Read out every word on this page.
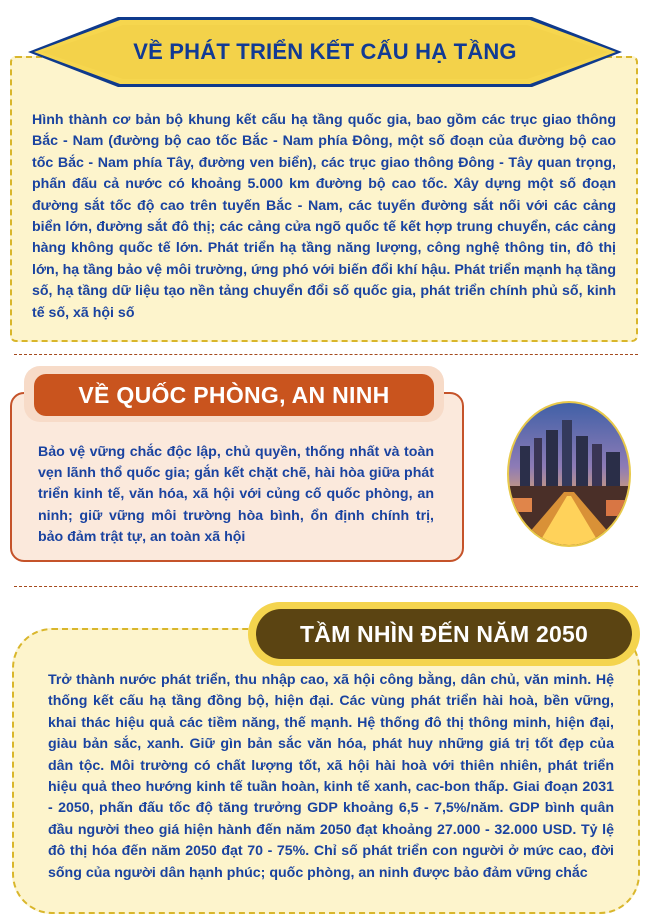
VỀ PHÁT TRIỂN KẾT CẤU HẠ TẦNG
Hình thành cơ bản bộ khung kết cấu hạ tầng quốc gia, bao gồm các trục giao thông Bắc - Nam (đường bộ cao tốc Bắc - Nam phía Đông, một số đoạn của đường bộ cao tốc Bắc - Nam phía Tây, đường ven biển), các trục giao thông Đông - Tây quan trọng, phấn đấu cả nước có khoảng 5.000 km đường bộ cao tốc. Xây dựng một số đoạn đường sắt tốc độ cao trên tuyến Bắc - Nam, các tuyến đường sắt nối với các cảng biển lớn, đường sắt đô thị; các cảng cửa ngõ quốc tế kết hợp trung chuyển, các cảng hàng không quốc tế lớn. Phát triển hạ tầng năng lượng, công nghệ thông tin, đô thị lớn, hạ tầng bảo vệ môi trường, ứng phó với biến đổi khí hậu. Phát triển mạnh hạ tầng số, hạ tầng dữ liệu tạo nền tảng chuyển đổi số quốc gia, phát triển chính phủ số, kinh tế số, xã hội số
VỀ QUỐC PHÒNG, AN NINH
Bảo vệ vững chắc độc lập, chủ quyền, thống nhất và toàn vẹn lãnh thổ quốc gia; gắn kết chặt chẽ, hài hòa giữa phát triển kinh tế, văn hóa, xã hội với củng cố quốc phòng, an ninh; giữ vững môi trường hòa bình, ổn định chính trị, bảo đảm trật tự, an toàn xã hội
TẦM NHÌN ĐẾN NĂM 2050
Trở thành nước phát triển, thu nhập cao, xã hội công bằng, dân chủ, văn minh. Hệ thống kết cấu hạ tầng đồng bộ, hiện đại. Các vùng phát triển hài hoà, bền vững, khai thác hiệu quả các tiềm năng, thế mạnh. Hệ thống đô thị thông minh, hiện đại, giàu bản sắc, xanh. Giữ gìn bản sắc văn hóa, phát huy những giá trị tốt đẹp của dân tộc. Môi trường có chất lượng tốt, xã hội hài hoà với thiên nhiên, phát triển hiệu quả theo hướng kinh tế tuần hoàn, kinh tế xanh, cac-bon thấp. Giai đoạn 2031 - 2050, phấn đấu tốc độ tăng trưởng GDP khoảng 6,5 - 7,5%/năm. GDP bình quân đầu người theo giá hiện hành đến năm 2050 đạt khoảng 27.000 - 32.000 USD. Tỷ lệ đô thị hóa đến năm 2050 đạt 70 - 75%. Chỉ số phát triển con người ở mức cao, đời sống của người dân hạnh phúc; quốc phòng, an ninh được bảo đảm vững chắc
